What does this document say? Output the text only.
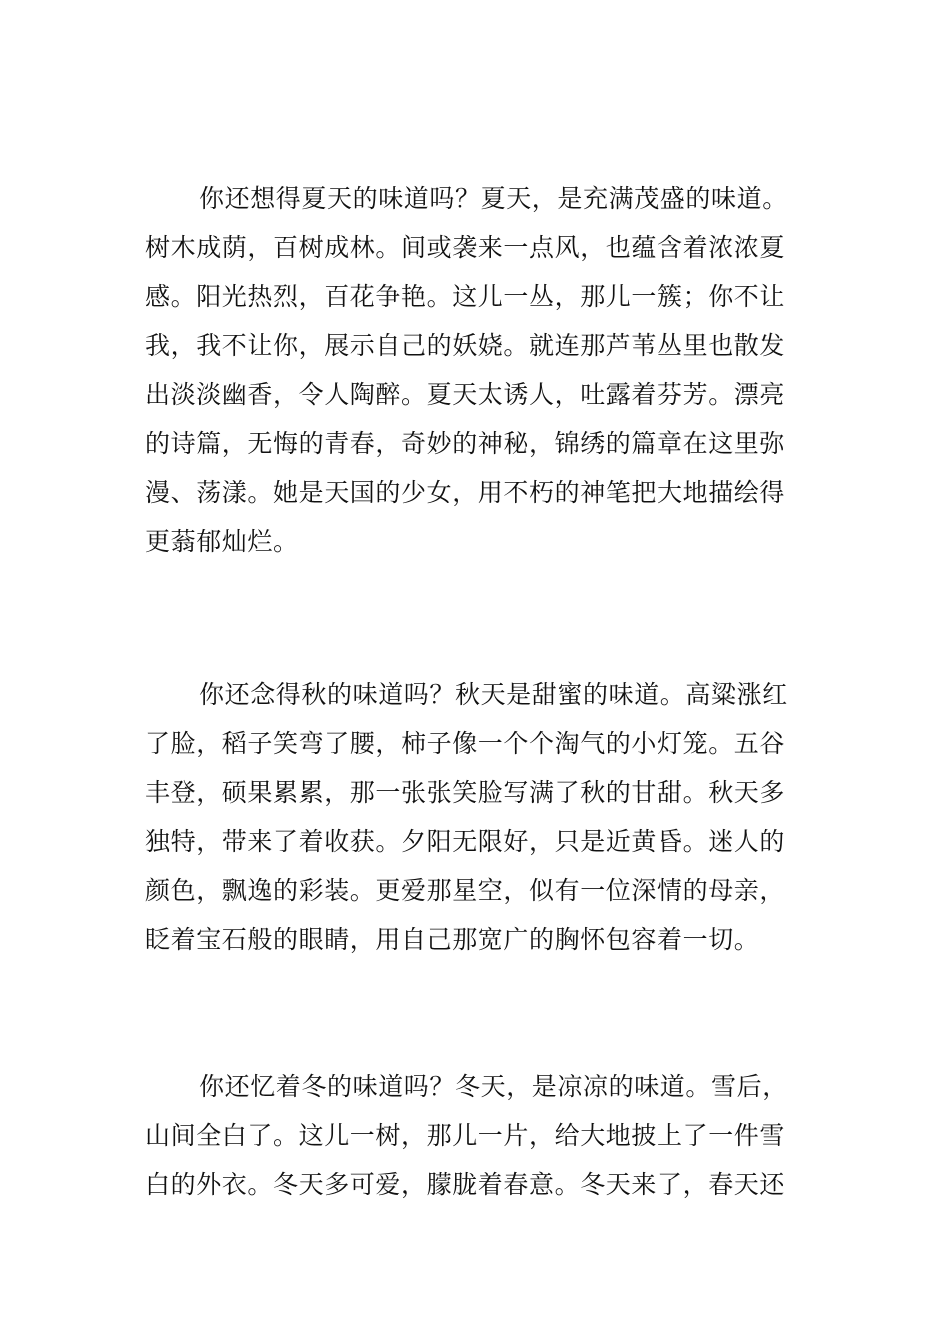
你还想得夏天的味道吗？夏天，是充满茂盛的味道。
树木成荫，百树成林。间或袭来一点风，也蕴含着浓浓夏
感。阳光热烈，百花争艳。这儿一丛，那儿一簇；你不让
我，我不让你，展示自己的妖娆。就连那芦苇丛里也散发
出淡淡幽香，令人陶醉。夏天太诱人，吐露着芬芳。漂亮
的诗篇，无悔的青春，奇妙的神秘，锦绣的篇章在这里弥
漫、荡漾。她是天国的少女，用不朽的神笔把大地描绘得
更蓊郁灿烂。
你还念得秋的味道吗？秋天是甜蜜的味道。高粱涨红
了脸，稻子笑弯了腰，柿子像一个个淘气的小灯笼。五谷
丰登，硕果累累，那一张张笑脸写满了秋的甘甜。秋天多
独特，带来了着收获。夕阳无限好，只是近黄昏。迷人的
颜色，飘逸的彩装。更爱那星空，似有一位深情的母亲，
眨着宝石般的眼睛，用自己那宽广的胸怀包容着一切。
你还忆着冬的味道吗？冬天，是凉凉的味道。雪后，
山间全白了。这儿一树，那儿一片，给大地披上了一件雪
白的外衣。冬天多可爱，朦胧着春意。冬天来了，春天还
